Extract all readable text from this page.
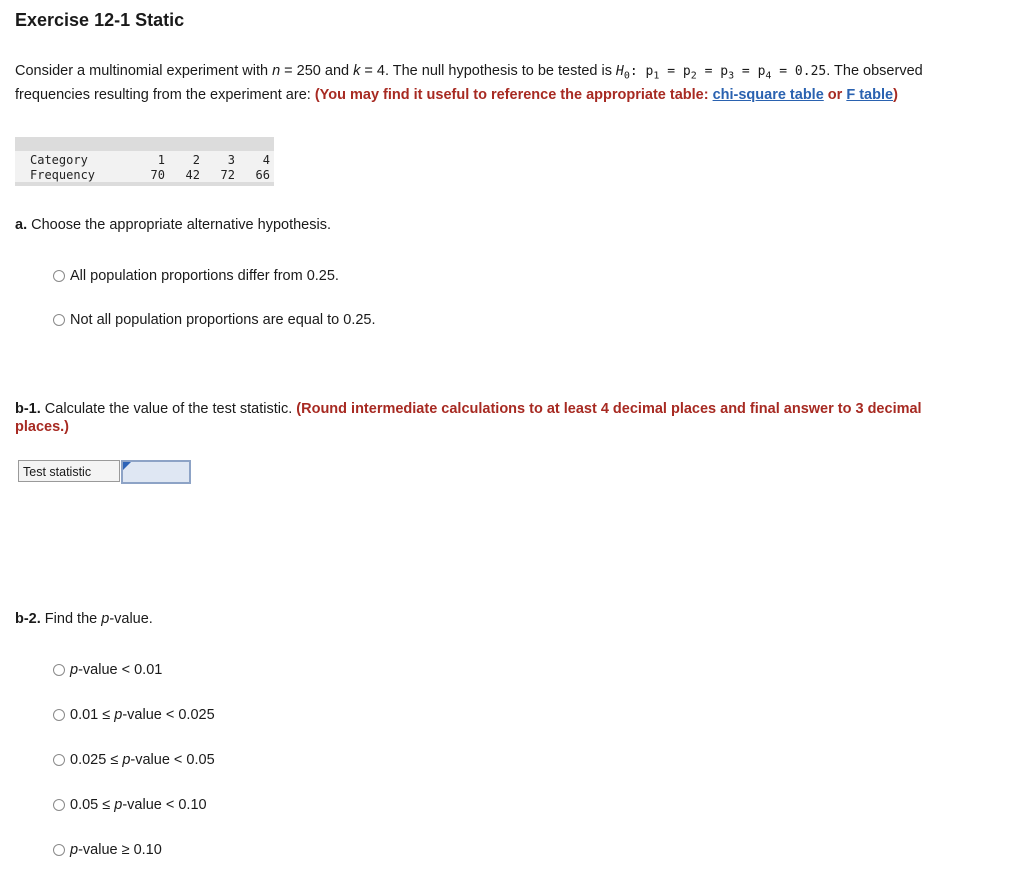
Exercise 12-1 Static
Consider a multinomial experiment with n = 250 and k = 4. The null hypothesis to be tested is $H_0$: $p_1 = p_2 = p_3 = p_4 = 0.25$. The observed frequencies resulting from the experiment are: (You may find it useful to reference the appropriate table: chi-square table or F table)
Category	1	2	3	4
Frequency	70	42	72	66
a. Choose the appropriate alternative hypothesis.
All population proportions differ from 0.25.
Not all population proportions are equal to 0.25.
b-1. Calculate the value of the test statistic. (Round intermediate calculations to at least 4 decimal places and final answer to 3 decimal places.)
Test statistic
b-2. Find the p-value.
p-value < 0.01
0.01 ≤ p-value < 0.025
0.025 ≤ p-value < 0.05
0.05 ≤ p-value < 0.10
p-value ≥ 0.10
